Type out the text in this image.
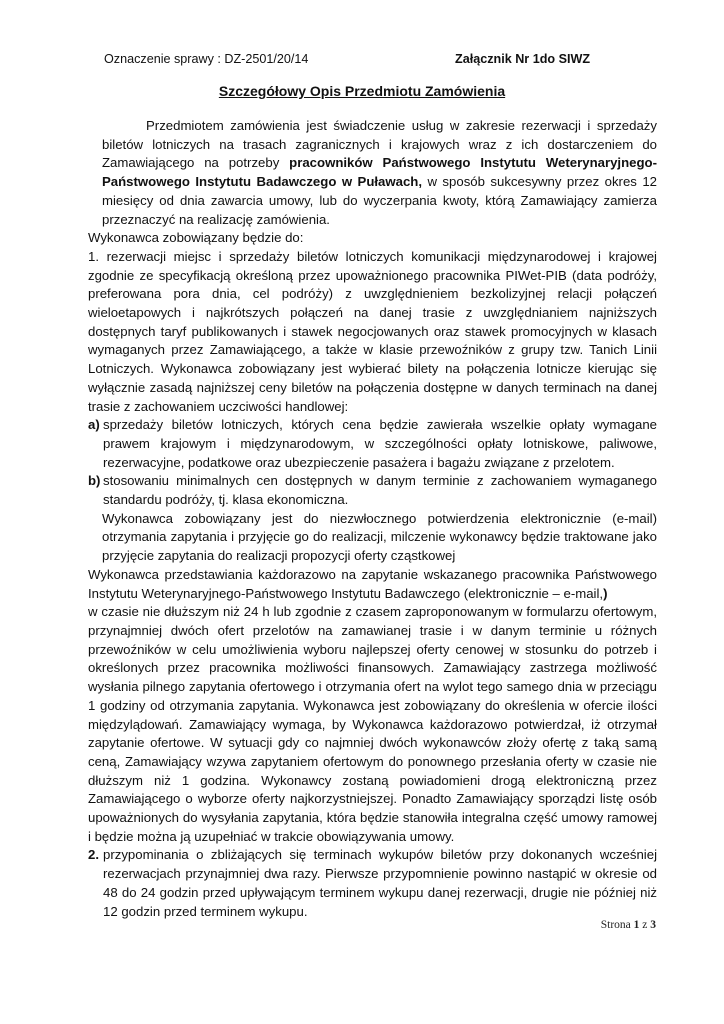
Oznaczenie sprawy : DZ-2501/20/14	Załącznik Nr 1do SIWZ
Szczegółowy Opis Przedmiotu Zamówienia

Przedmiotem zamówienia jest świadczenie usług w zakresie rezerwacji i sprzedaży biletów lotniczych na trasach zagranicznych i krajowych wraz z ich dostarczeniem do Zamawiającego na potrzeby pracowników Państwowego Instytutu Weterynaryjnego-Państwowego Instytutu Badawczego w Puławach, w sposób sukcesywny przez okres 12 miesięcy od dnia zawarcia umowy, lub do wyczerpania kwoty, którą Zamawiający zamierza przeznaczyć na realizację zamówienia.

Wykonawca zobowiązany będzie do:

1. rezerwacji miejsc i sprzedaży biletów lotniczych komunikacji międzynarodowej i krajowej zgodnie ze specyfikacją określoną przez upoważnionego pracownika PIWet-PIB (data podróży, preferowana pora dnia, cel podróży) z uwzględnieniem bezkolizyjnej relacji połączeń wieloetapowych i najkrótszych połączeń na danej trasie z uwzględnianiem najniższych dostępnych taryf publikowanych i stawek negocjowanych oraz stawek promocyjnych w klasach wymaganych przez Zamawiającego, a także w klasie przewoźników z grupy tzw. Tanich Linii Lotniczych. Wykonawca zobowiązany jest wybierać bilety na połączenia lotnicze kierując się wyłącznie zasadą najniższej ceny biletów na połączenia dostępne w danych terminach na danej trasie z zachowaniem uczciwości handlowej:

a) sprzedaży biletów lotniczych, których cena będzie zawierała wszelkie opłaty wymagane prawem krajowym i międzynarodowym, w szczególności opłaty lotniskowe, paliwowe, rezerwacyjne, podatkowe oraz ubezpieczenie pasażera i bagażu związane z przelotem.
b) stosowaniu minimalnych cen dostępnych w danym terminie z zachowaniem wymaganego standardu podróży, tj. klasa ekonomiczna.

Wykonawca zobowiązany jest do niezwłocznego potwierdzenia elektronicznie (e-mail) otrzymania zapytania i przyjęcie go do realizacji, milczenie wykonawcy będzie traktowane jako przyjęcie zapytania do realizacji propozycji oferty cząstkowej

Wykonawca przedstawiania każdorazowo na zapytanie wskazanego pracownika Państwowego Instytutu Weterynaryjnego-Państwowego Instytutu Badawczego (elektronicznie – e-mail,)

w czasie nie dłuższym niż 24 h lub zgodnie z czasem zaproponowanym w formularzu ofertowym, przynajmniej dwóch ofert przelotów na zamawianej trasie i w danym terminie u różnych przewoźników w celu umożliwienia wyboru najlepszej oferty cenowej w stosunku do potrzeb i określonych przez pracownika możliwości finansowych. Zamawiający zastrzega możliwość wysłania pilnego zapytania ofertowego i otrzymania ofert na wylot tego samego dnia w przeciągu 1 godziny od otrzymania zapytania. Wykonawca jest zobowiązany do określenia w ofercie ilości międzylądowań. Zamawiający wymaga, by Wykonawca każdorazowo potwierdzał, iż otrzymał zapytanie ofertowe. W sytuacji gdy co najmniej dwóch wykonawców złoży ofertę z taką samą ceną, Zamawiający wzywa zapytaniem ofertowym do ponownego przesłania oferty w czasie nie dłuższym niż 1 godzina. Wykonawcy zostaną powiadomieni drogą elektroniczną przez Zamawiającego o wyborze oferty najkorzystniejszej. Ponadto Zamawiający sporządzi listę osób upoważnionych do wysyłania zapytania, która będzie stanowiła integralna część umowy ramowej i będzie można ją uzupełniać w trakcie obowiązywania umowy.

2. przypominania o zbliżających się terminach wykupów biletów przy dokonanych wcześniej rezerwacjach przynajmniej dwa razy. Pierwsze przypomnienie powinno nastąpić w okresie od 48 do 24 godzin przed upływającym terminem wykupu danej rezerwacji, drugie nie później niż 12 godzin przed terminem wykupu.
Strona 1 z 3
